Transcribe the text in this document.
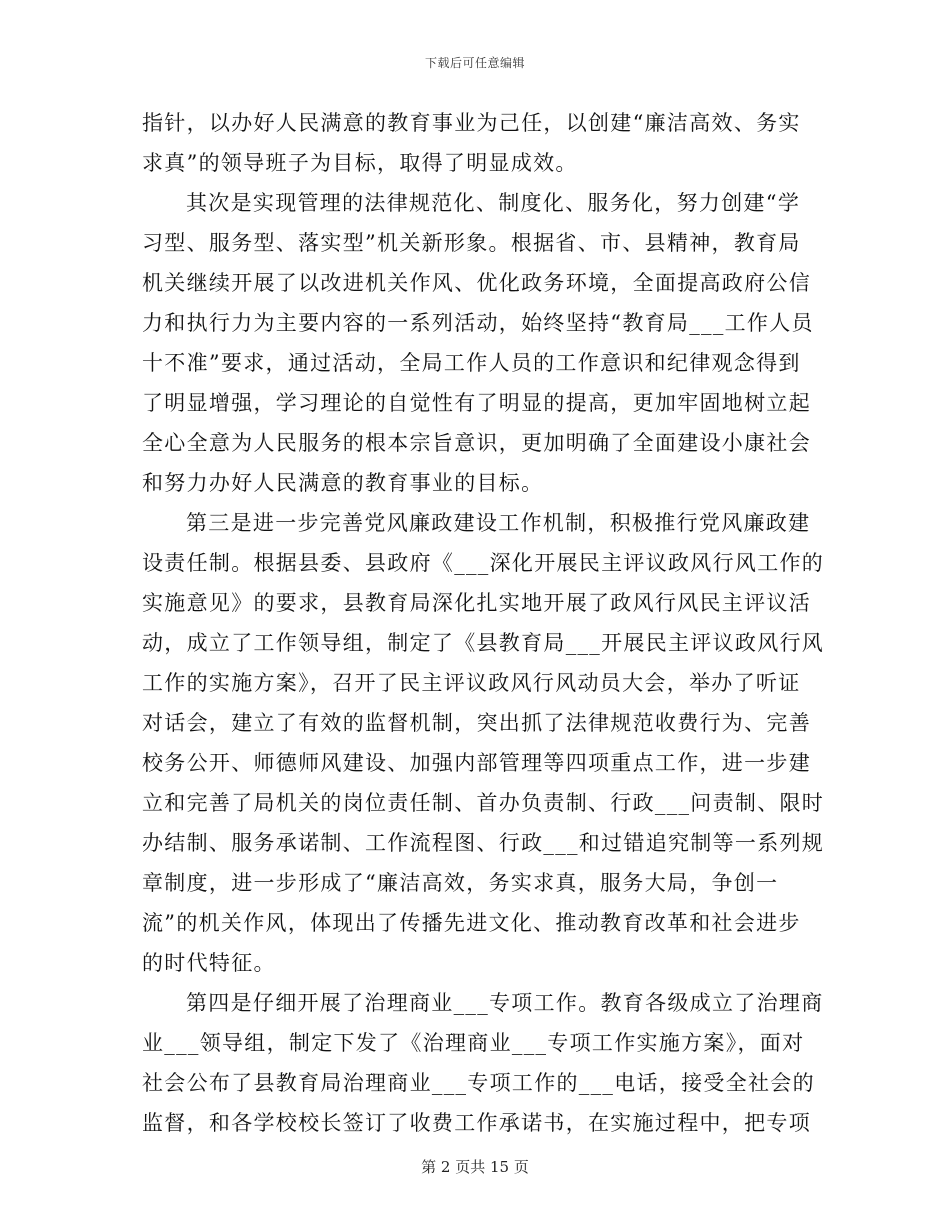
下载后可任意编辑
指针，以办好人民满意的教育事业为己任，以创建“廉洁高效、务实
求真”的领导班子为目标，取得了明显成效。
其次是实现管理的法律规范化、制度化、服务化，努力创建“学
习型、服务型、落实型”机关新形象。根据省、市、县精神，教育局
机关继续开展了以改进机关作风、优化政务环境，全面提高政府公信
力和执行力为主要内容的一系列活动，始终坚持“教育局___工作人员
十不准”要求，通过活动，全局工作人员的工作意识和纪律观念得到
了明显增强，学习理论的自觉性有了明显的提高，更加牢固地树立起
全心全意为人民服务的根本宗旨意识，更加明确了全面建设小康社会
和努力办好人民满意的教育事业的目标。
第三是进一步完善党风廉政建设工作机制，积极推行党风廉政建
设责任制。根据县委、县政府《___深化开展民主评议政风行风工作的
实施意见》的要求，县教育局深化扎实地开展了政风行风民主评议活
动，成立了工作领导组，制定了《县教育局___开展民主评议政风行风
工作的实施方案》，召开了民主评议政风行风动员大会，举办了听证
对话会，建立了有效的监督机制，突出抓了法律规范收费行为、完善
校务公开、师德师风建设、加强内部管理等四项重点工作，进一步建
立和完善了局机关的岗位责任制、首办负责制、行政___问责制、限时
办结制、服务承诺制、工作流程图、行政___和过错追究制等一系列规
章制度，进一步形成了“廉洁高效，务实求真，服务大局，争创一
流”的机关作风，体现出了传播先进文化、推动教育改革和社会进步
的时代特征。
第四是仔细开展了治理商业___专项工作。教育各级成立了治理商
业___领导组，制定下发了《治理商业___专项工作实施方案》，面对
社会公布了县教育局治理商业___专项工作的___电话，接受全社会的
监督，和各学校校长签订了收费工作承诺书，在实施过程中，把专项
第 2 页共 15 页
